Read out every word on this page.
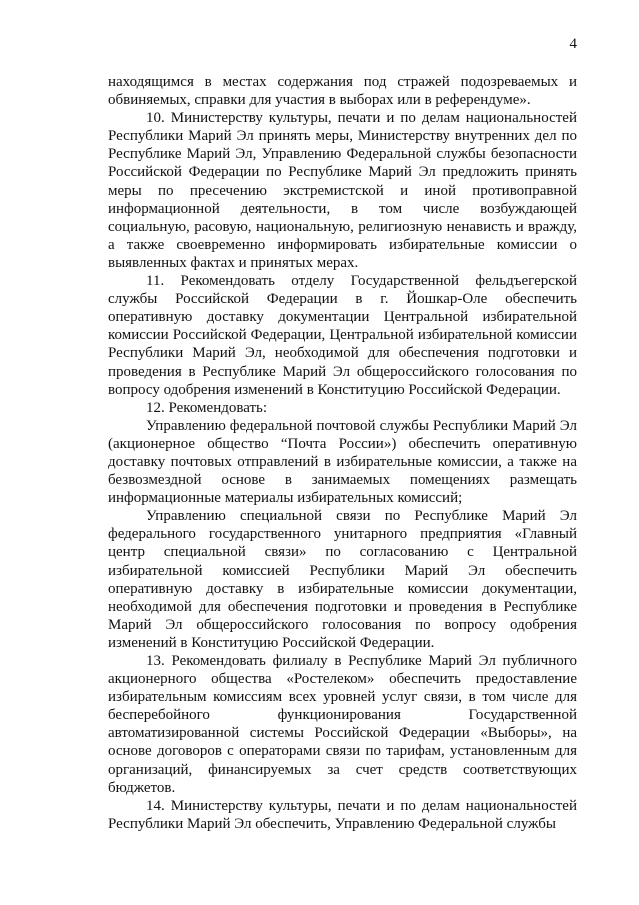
4

находящимся в местах содержания под стражей подозреваемых и обвиняемых, справки для участия в выборах или в референдуме».

10. Министерству культуры, печати и по делам национальностей Республики Марий Эл принять меры, Министерству внутренних дел по Республике Марий Эл, Управлению Федеральной службы безопасности Российской Федерации по Республике Марий Эл предложить принять меры по пресечению экстремистской и иной противоправной информационной деятельности, в том числе возбуждающей социальную, расовую, национальную, религиозную ненависть и вражду, а также своевременно информировать избирательные комиссии о выявленных фактах и принятых мерах.

11. Рекомендовать отделу Государственной фельдъегерской службы Российской Федерации в г. Йошкар-Оле обеспечить оперативную доставку документации Центральной избирательной комиссии Российской Федерации, Центральной избирательной комиссии Республики Марий Эл, необходимой для обеспечения подготовки и проведения в Республике Марий Эл общероссийского голосования по вопросу одобрения изменений в Конституцию Российской Федерации.

12. Рекомендовать:

Управлению федеральной почтовой службы Республики Марий Эл (акционерное общество “Почта России») обеспечить оперативную доставку почтовых отправлений в избирательные комиссии, а также на безвозмездной основе в занимаемых помещениях размещать информационные материалы избирательных комиссий;

Управлению специальной связи по Республике Марий Эл федерального государственного унитарного предприятия «Главный центр специальной связи» по согласованию с Центральной избирательной комиссией Республики Марий Эл обеспечить оперативную доставку в избирательные комиссии документации, необходимой для обеспечения подготовки и проведения в Республике Марий Эл общероссийского голосования по вопросу одобрения изменений в Конституцию Российской Федерации.

13. Рекомендовать филиалу в Республике Марий Эл публичного акционерного общества «Ростелеком» обеспечить предоставление избирательным комиссиям всех уровней услуг связи, в том числе для бесперебойного функционирования Государственной автоматизированной системы Российской Федерации «Выборы», на основе договоров с операторами связи по тарифам, установленным для организаций, финансируемых за счет средств соответствующих бюджетов.

14. Министерству культуры, печати и по делам национальностей Республики Марий Эл обеспечить, Управлению Федеральной службы
